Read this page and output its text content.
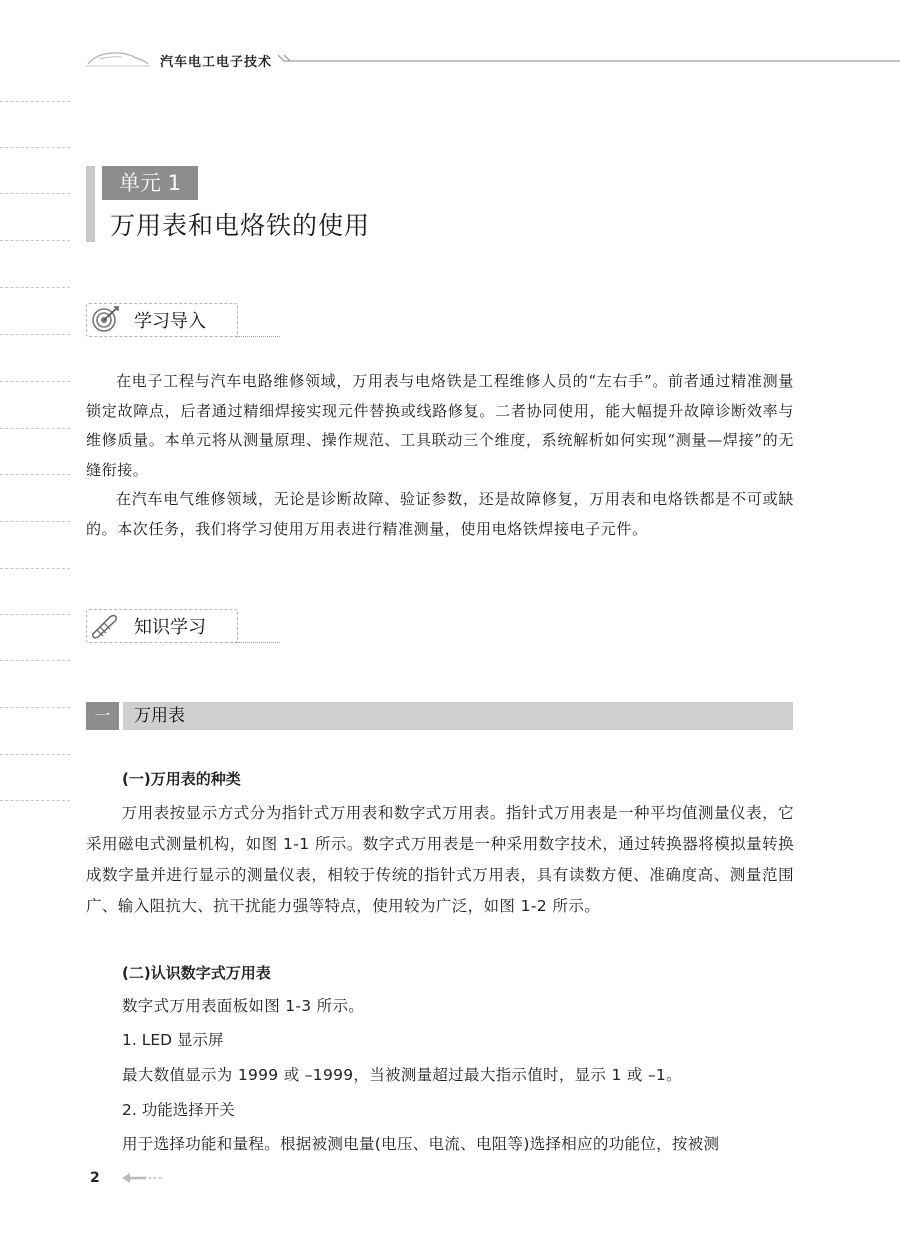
汽车电工电子技术
单元 1
万用表和电烙铁的使用
学习导入

在电子工程与汽车电路维修领域，万用表与电烙铁是工程维修人员的“左右手”。前者通过精准测量锁定故障点，后者通过精细焊接实现元件替换或线路修复。二者协同使用，能大幅提升故障诊断效率与维修质量。本单元将从测量原理、操作规范、工具联动三个维度，系统解析如何实现“测量—焊接”的无缝衔接。

在汽车电气维修领域，无论是诊断故障、验证参数，还是故障修复，万用表和电烙铁都是不可或缺的。本次任务，我们将学习使用万用表进行精准测量，使用电烙铁焊接电子元件。

知识学习
一	万用表
(一)万用表的种类

万用表按显示方式分为指针式万用表和数字式万用表。指针式万用表是一种平均值测量仪表，它采用磁电式测量机构，如图 1-1 所示。数字式万用表是一种采用数字技术，通过转换器将模拟量转换成数字量并进行显示的测量仪表，相较于传统的指针式万用表，具有读数方便、准确度高、测量范围广、输入阻抗大、抗干扰能力强等特点，使用较为广泛，如图 1-2 所示。

(二)认识数字式万用表
数字式万用表面板如图 1-3 所示。
1. LED 显示屏
最大数值显示为 1999 或 –1999，当被测量超过最大指示值时，显示 1 或 –1。
2. 功能选择开关
用于选择功能和量程。根据被测电量(电压、电流、电阻等)选择相应的功能位，按被测
2
